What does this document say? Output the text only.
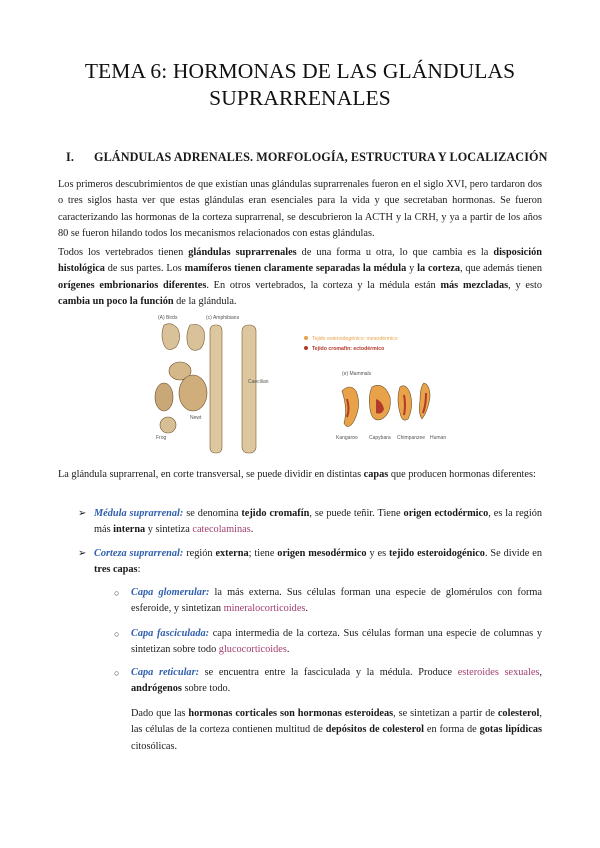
TEMA 6: HORMONAS DE LAS GLÁNDULAS
SUPRARRENALES
I. GLÁNDULAS ADRENALES. MORFOLOGÍA, ESTRUCTURA Y LOCALIZACIÓN

Los primeros descubrimientos de que existían unas glándulas suprarrenales fueron en el siglo XVI, pero tardaron dos o tres siglos hasta ver que estas glándulas eran esenciales para la vida y que secretaban hormonas. Se fueron caracterizando las hormonas de la corteza suprarrenal, se descubrieron la ACTH y la CRH, y ya a partir de los años 80 se fueron hilando todos los mecanismos relacionados con estas glándulas.

Todos los vertebrados tienen glándulas suprarrenales de una forma u otra, lo que cambia es la disposición histológica de sus partes. Los mamíferos tienen claramente separadas la médula y la corteza, que además tienen orígenes embrionarios diferentes. En otros vertebrados, la corteza y la médula están más mezcladas, y esto cambia un poco la función de la glándula.

(A) Birds	(c) Amphibians
Frog
Newt
Caecilian
Tejido esteroidogénico: mesodérmico
Tejido cromafín: ectodérmico
(e) Mammals
Kangaroo Capybara Chimpanzee Human

La glándula suprarrenal, en corte transversal, se puede dividir en distintas capas que producen hormonas diferentes:

➢ Médula suprarrenal: se denomina tejido cromafín, se puede teñir. Tiene origen ectodérmico, es la región más interna y sintetiza catecolaminas.
➢ Corteza suprarrenal: región externa; tiene origen mesodérmico y es tejido esteroidogénico. Se divide en tres capas:
○ Capa glomerular: la más externa. Sus células forman una especie de glomérulos con forma esferoide, y sintetizan mineralocorticoides.
○ Capa fasciculada: capa intermedia de la corteza. Sus células forman una especie de columnas y sintetizan sobre todo glucocorticoides.
○ Capa reticular: se encuentra entre la fasciculada y la médula. Produce esteroides sexuales, andrógenos sobre todo.

Dado que las hormonas corticales son hormonas esteroideas, se sintetizan a partir de colesterol, las células de la corteza contienen multitud de depósitos de colesterol en forma de gotas lipídicas citosólicas.
